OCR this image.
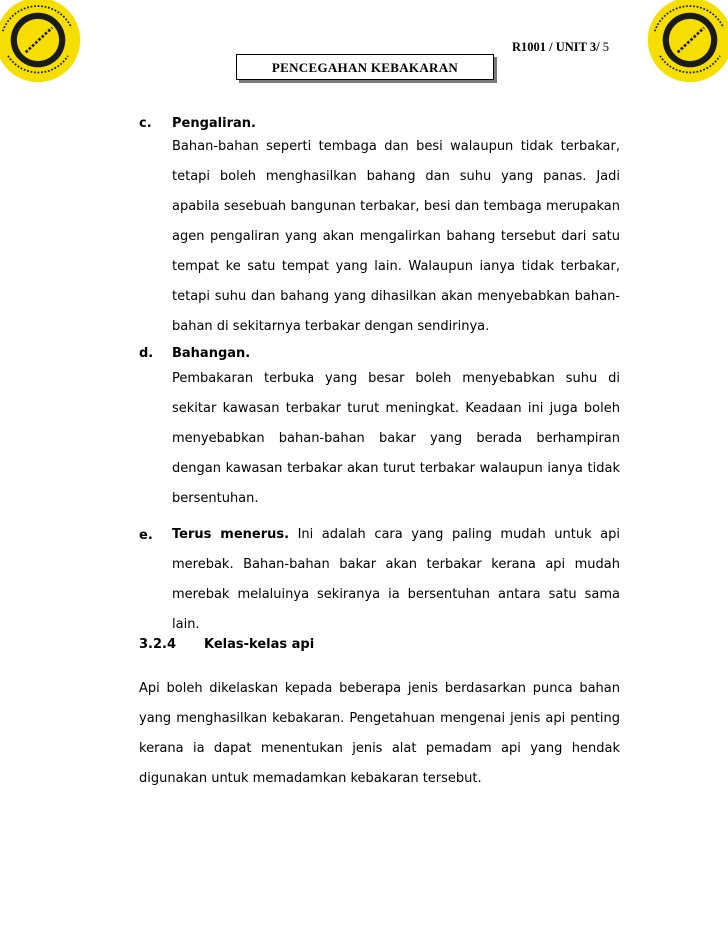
R1001 / UNIT 3/ 5
PENCEGAHAN KEBAKARAN
c. Pengaliran.
Bahan-bahan seperti tembaga dan besi walaupun tidak terbakar, tetapi boleh menghasilkan bahang dan suhu yang panas. Jadi apabila sesebuah bangunan terbakar, besi dan tembaga merupakan agen pengaliran yang akan mengalirkan bahang tersebut dari satu tempat ke satu tempat yang lain. Walaupun ianya tidak terbakar, tetapi suhu dan bahang yang dihasilkan akan menyebabkan bahan-bahan di sekitarnya terbakar dengan sendirinya.
d. Bahangan.
Pembakaran terbuka yang besar boleh menyebabkan suhu di sekitar kawasan terbakar turut meningkat. Keadaan ini juga boleh menyebabkan bahan-bahan bakar yang berada berhampiran dengan kawasan terbakar akan turut terbakar walaupun ianya tidak bersentuhan.
e. Terus menerus. Ini adalah cara yang paling mudah untuk api merebak. Bahan-bahan bakar akan terbakar kerana api mudah merebak melaluinya sekiranya ia bersentuhan antara satu sama lain.
3.2.4 Kelas-kelas api
Api boleh dikelaskan kepada beberapa jenis berdasarkan punca bahan yang menghasilkan kebakaran. Pengetahuan mengenai jenis api penting kerana ia dapat menentukan jenis alat pemadam api yang hendak digunakan untuk memadamkan kebakaran tersebut.
